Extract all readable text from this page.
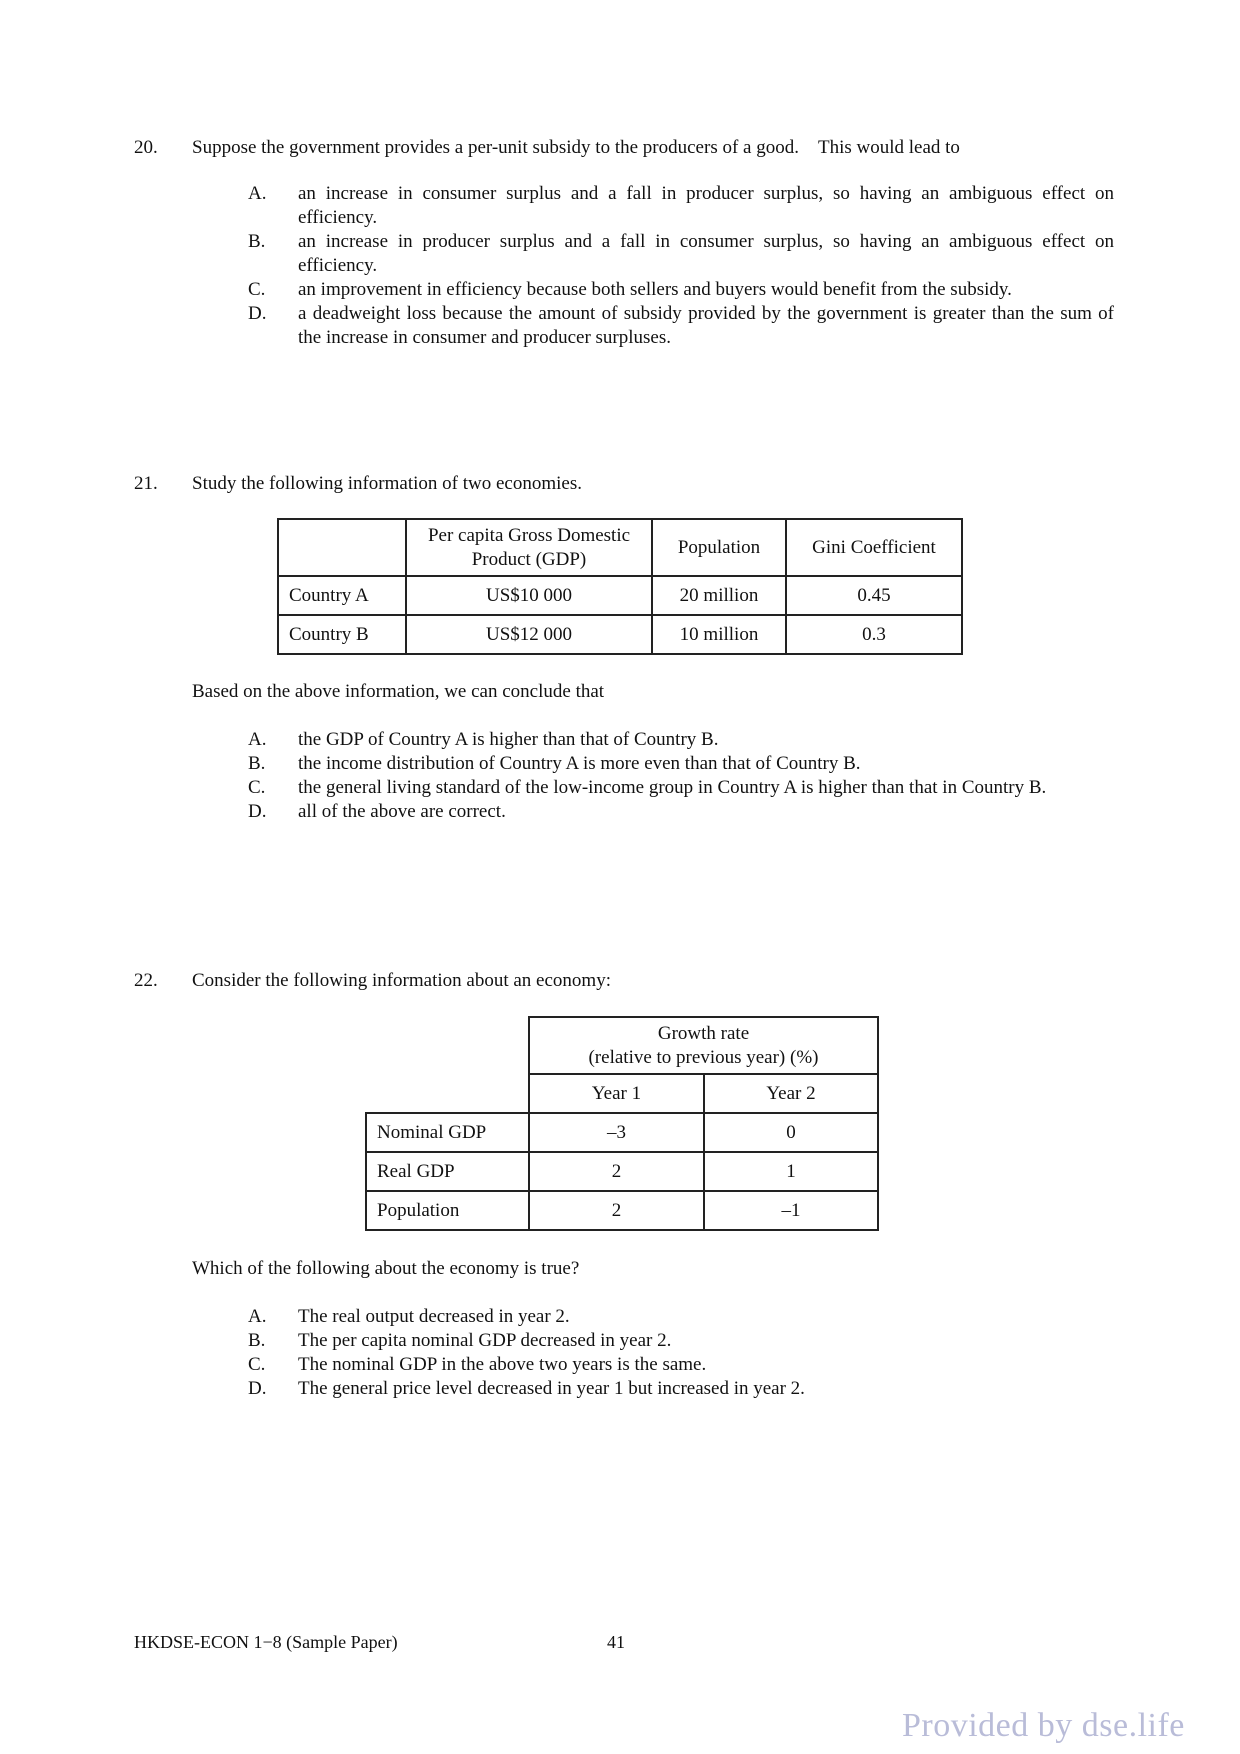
20. Suppose the government provides a per-unit subsidy to the producers of a good.    This would lead to
A. an increase in consumer surplus and a fall in producer surplus, so having an ambiguous effect on efficiency.
B. an increase in producer surplus and a fall in consumer surplus, so having an ambiguous effect on efficiency.
C. an improvement in efficiency because both sellers and buyers would benefit from the subsidy.
D. a deadweight loss because the amount of subsidy provided by the government is greater than the sum of the increase in consumer and producer surpluses.
21. Study the following information of two economies.
	Per capita Gross Domestic Product (GDP)	Population	Gini Coefficient
Country A	US$10 000	20 million	0.45
Country B	US$12 000	10 million	0.3
Based on the above information, we can conclude that
A. the GDP of Country A is higher than that of Country B.
B. the income distribution of Country A is more even than that of Country B.
C. the general living standard of the low-income group in Country A is higher than that in Country B.
D. all of the above are correct.
22. Consider the following information about an economy:

	Growth rate
(relative to previous year) (%)	

	Year 1	Year 2
Nominal GDP	–3	0
Real GDP	2	1
Population	2	–1
Which of the following about the economy is true?
A. The real output decreased in year 2.
B. The per capita nominal GDP decreased in year 2.
C. The nominal GDP in the above two years is the same.
D. The general price level decreased in year 1 but increased in year 2.
HKDSE-ECON 1−8 (Sample Paper)	41
Provided by dse.life
